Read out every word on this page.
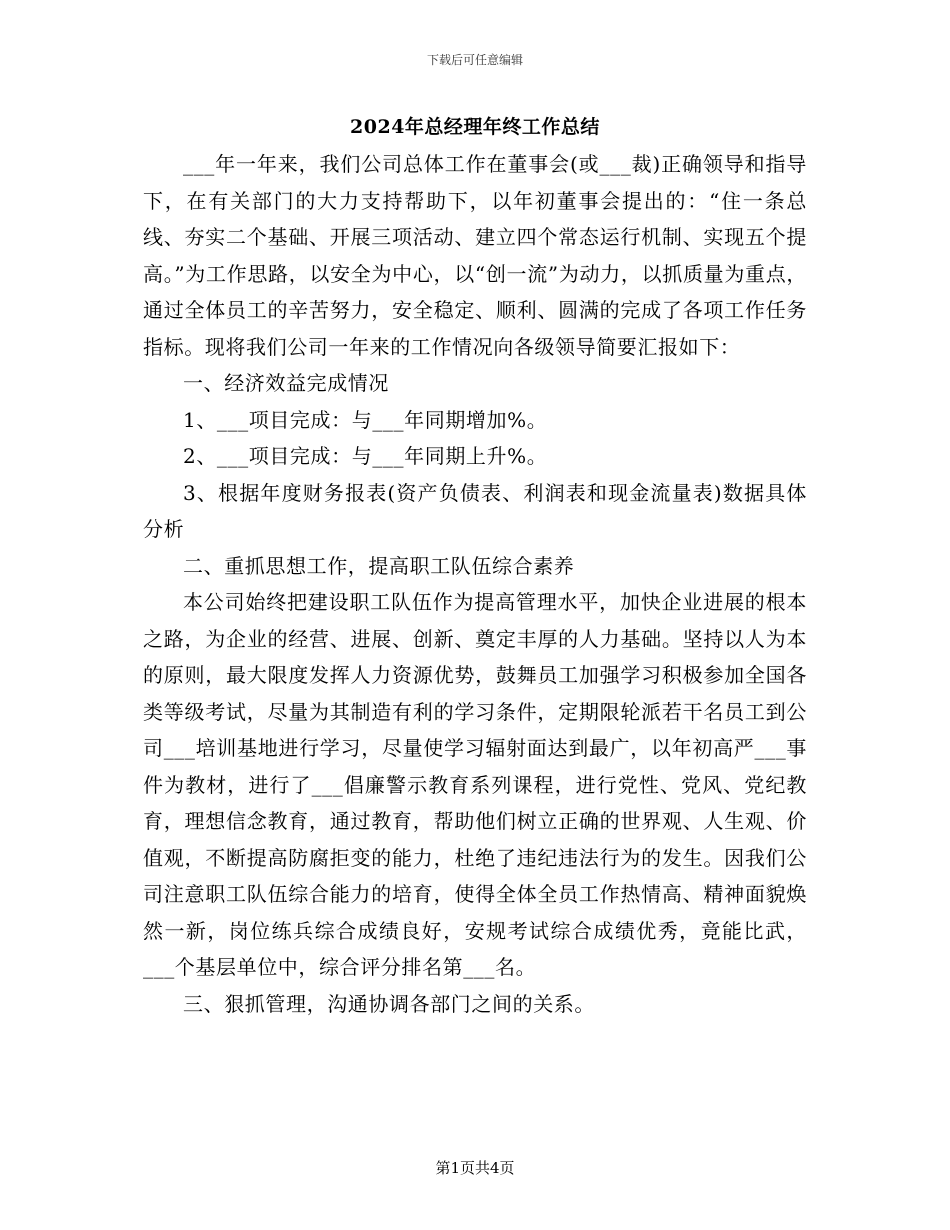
下载后可任意编辑
2024年总经理年终工作总结

___年一年来，我们公司总体工作在董事会(或___裁)正确领导和指导下，在有关部门的大力支持帮助下，以年初董事会提出的：“住一条总线、夯实二个基础、开展三项活动、建立四个常态运行机制、实现五个提高。”为工作思路，以安全为中心，以“创一流”为动力，以抓质量为重点，通过全体员工的辛苦努力，安全稳定、顺利、圆满的完成了各项工作任务指标。现将我们公司一年来的工作情况向各级领导简要汇报如下：

一、经济效益完成情况

1、___项目完成：与___年同期增加%。

2、___项目完成：与___年同期上升%。

3、根据年度财务报表(资产负债表、利润表和现金流量表)数据具体分析

二、重抓思想工作，提高职工队伍综合素养

本公司始终把建设职工队伍作为提高管理水平，加快企业进展的根本之路，为企业的经营、进展、创新、奠定丰厚的人力基础。坚持以人为本的原则，最大限度发挥人力资源优势，鼓舞员工加强学习积极参加全国各类等级考试，尽量为其制造有利的学习条件，定期限轮派若干名员工到公司___培训基地进行学习，尽量使学习辐射面达到最广，以年初高严___事件为教材，进行了___倡廉警示教育系列课程，进行党性、党风、党纪教育，理想信念教育，通过教育，帮助他们树立正确的世界观、人生观、价值观，不断提高防腐拒变的能力，杜绝了违纪违法行为的发生。因我们公司注意职工队伍综合能力的培育，使得全体全员工作热情高、精神面貌焕然一新，岗位练兵综合成绩良好，安规考试综合成绩优秀，竟能比武，___个基层单位中，综合评分排名第___名。

三、狠抓管理，沟通协调各部门之间的关系。

第1页共4页
